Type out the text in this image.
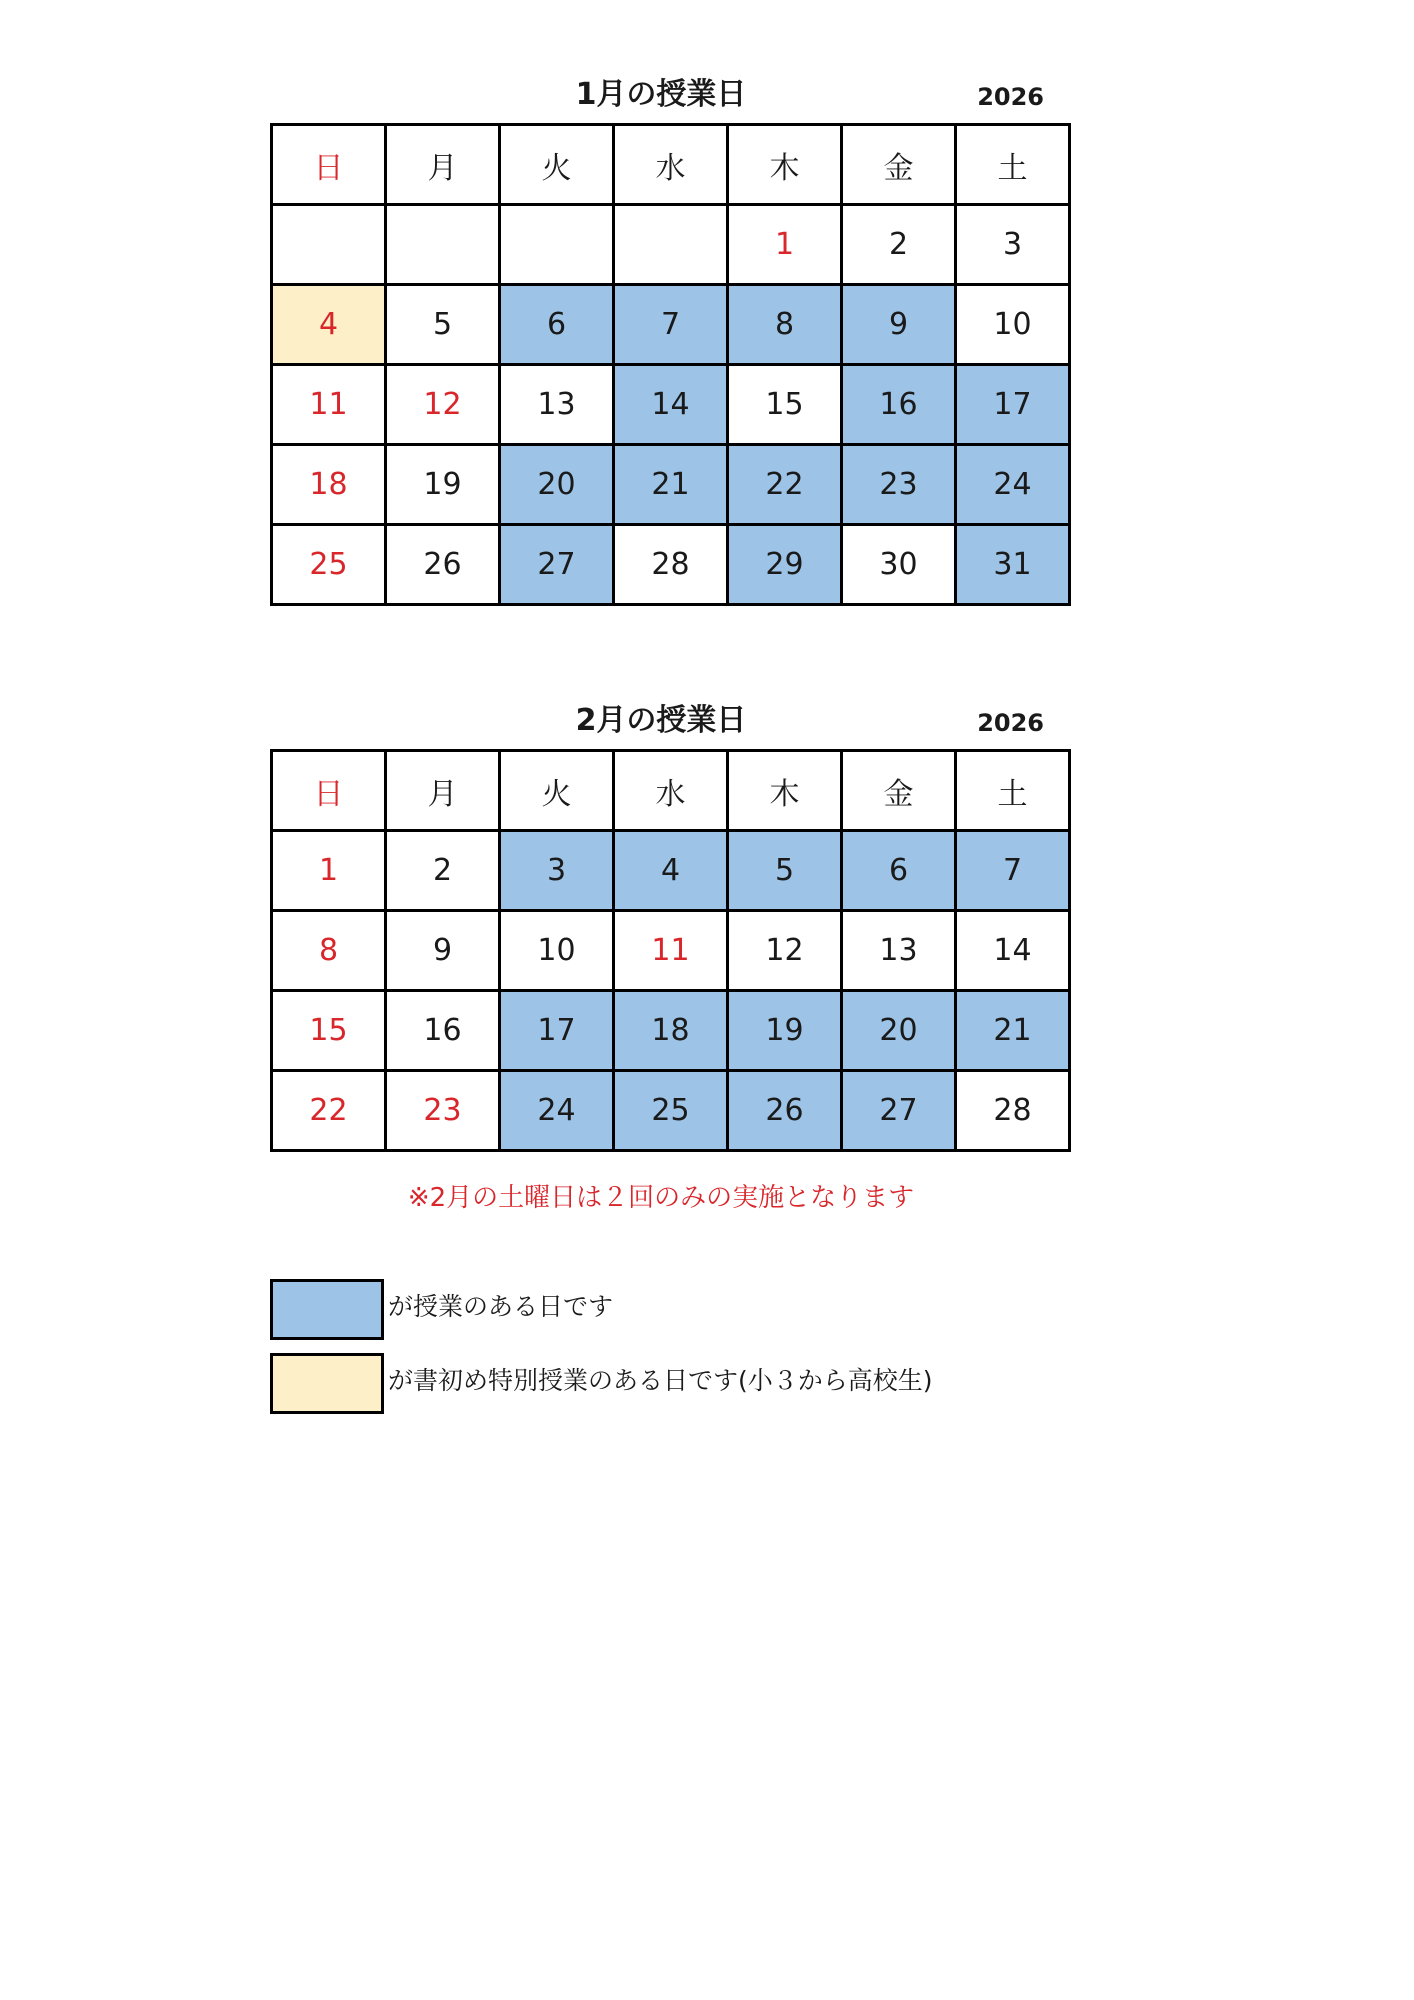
1月の授業日	2026
日	月	火	水	木	金	土
				1	2	3
4	5	6	7	8	9	10
11	12	13	14	15	16	17
18	19	20	21	22	23	24
25	26	27	28	29	30	31
2月の授業日	2026
日	月	火	水	木	金	土
1	2	3	4	5	6	7
8	9	10	11	12	13	14
15	16	17	18	19	20	21
22	23	24	25	26	27	28
※2月の土曜日は２回のみの実施となります
が授業のある日です
が書初め特別授業のある日です(小３から高校生)
